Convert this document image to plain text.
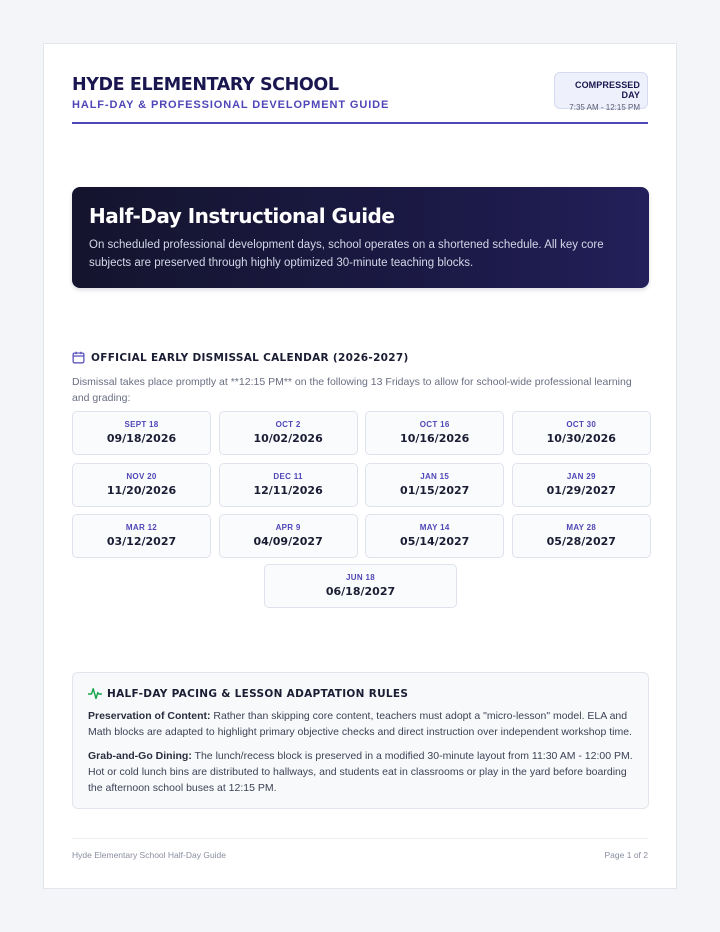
HYDE ELEMENTARY SCHOOL
HALF-DAY & PROFESSIONAL DEVELOPMENT GUIDE
COMPRESSED DAY
7:35 AM - 12:15 PM
Half-Day Instructional Guide
On scheduled professional development days, school operates on a shortened schedule. All key core subjects are preserved through highly optimized 30-minute teaching blocks.
OFFICIAL EARLY DISMISSAL CALENDAR (2026-2027)
Dismissal takes place promptly at **12:15 PM** on the following 13 Fridays to allow for school-wide professional learning and grading:
SEPT 18
09/18/2026
OCT 2
10/02/2026
OCT 16
10/16/2026
OCT 30
10/30/2026
NOV 20
11/20/2026
DEC 11
12/11/2026
JAN 15
01/15/2027
JAN 29
01/29/2027
MAR 12
03/12/2027
APR 9
04/09/2027
MAY 14
05/14/2027
MAY 28
05/28/2027
JUN 18
06/18/2027
HALF-DAY PACING & LESSON ADAPTATION RULES

Preservation of Content: Rather than skipping core content, teachers must adopt a "micro-lesson" model. ELA and Math blocks are adapted to highlight primary objective checks and direct instruction over independent workshop time.

Grab-and-Go Dining: The lunch/recess block is preserved in a modified 30-minute layout from 11:30 AM - 12:00 PM. Hot or cold lunch bins are distributed to hallways, and students eat in classrooms or play in the yard before boarding the afternoon school buses at 12:15 PM.

Hyde Elementary School Half-Day Guide	Page 1 of 2
